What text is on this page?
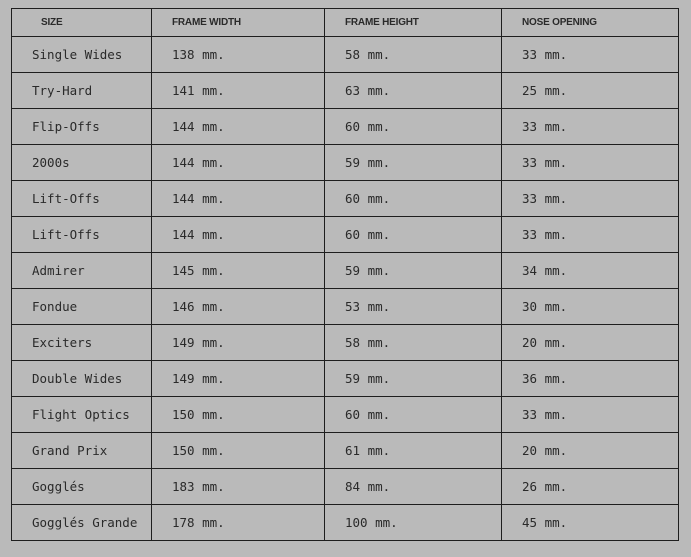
SIZE	FRAME WIDTH	FRAME HEIGHT	NOSE OPENING
Single Wides	138 mm.	58 mm.	33 mm.
Try-Hard	141 mm.	63 mm.	25 mm.
Flip-Offs	144 mm.	60 mm.	33 mm.
2000s	144 mm.	59 mm.	33 mm.
Lift-Offs	144 mm.	60 mm.	33 mm.
Lift-Offs	144 mm.	60 mm.	33 mm.
Admirer	145 mm.	59 mm.	34 mm.
Fondue	146 mm.	53 mm.	30 mm.
Exciters	149 mm.	58 mm.	20 mm.
Double Wides	149 mm.	59 mm.	36 mm.
Flight Optics	150 mm.	60 mm.	33 mm.
Grand Prix	150 mm.	61 mm.	20 mm.
Gogglés	183 mm.	84 mm.	26 mm.
Gogglés Grande	178 mm.	100 mm.	45 mm.
